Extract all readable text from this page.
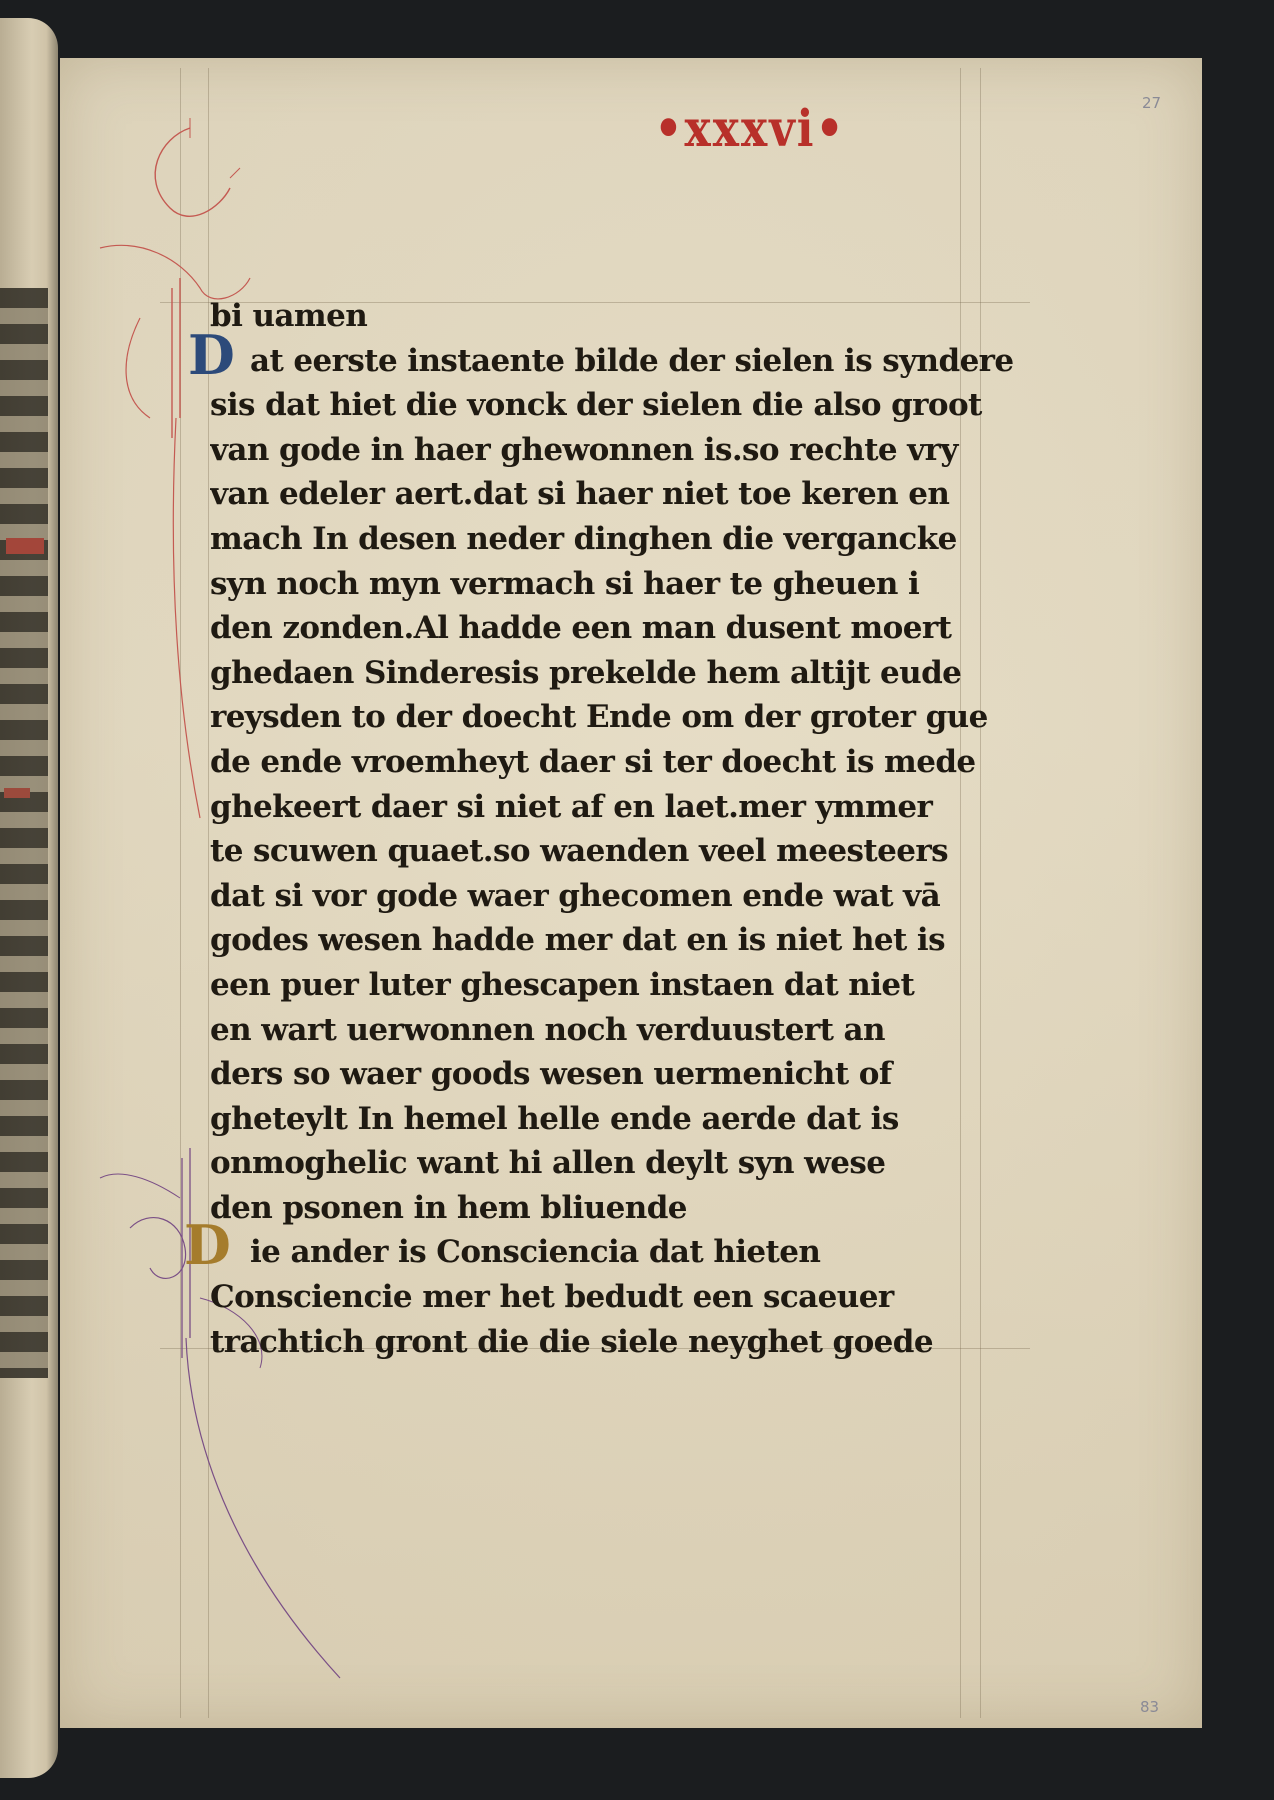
•xxxvi•	27
83
D
D
bi uamen
at eerste instaente bilde der sielen is syndere
sis dat hiet die vonck der sielen die also groot
van gode in haer ghewonnen is.so rechte vry
van edeler aert.dat si haer niet toe keren en
mach In desen neder dinghen die vergancke
syn noch myn vermach si haer te gheuen i
den zonden.Al hadde een man dusent moert
ghedaen Sinderesis prekelde hem altijt eude
reysden to der doecht Ende om der groter gue
de ende vroemheyt daer si ter doecht is mede
ghekeert daer si niet af en laet.mer ymmer
te scuwen quaet.so waenden veel meesteers
dat si vor gode waer ghecomen ende wat vā
godes wesen hadde mer dat en is niet het is
een puer luter ghescapen instaen dat niet
en wart uerwonnen noch verduustert an
ders so waer goods wesen uermenicht of
gheteylt In hemel helle ende aerde dat is
onmoghelic want hi allen deylt syn wese
den psonen in hem bliuende
ie ander is Consciencia dat hieten
Consciencie mer het bedudt een scaeuer
trachtich gront die die siele neyghet goede
